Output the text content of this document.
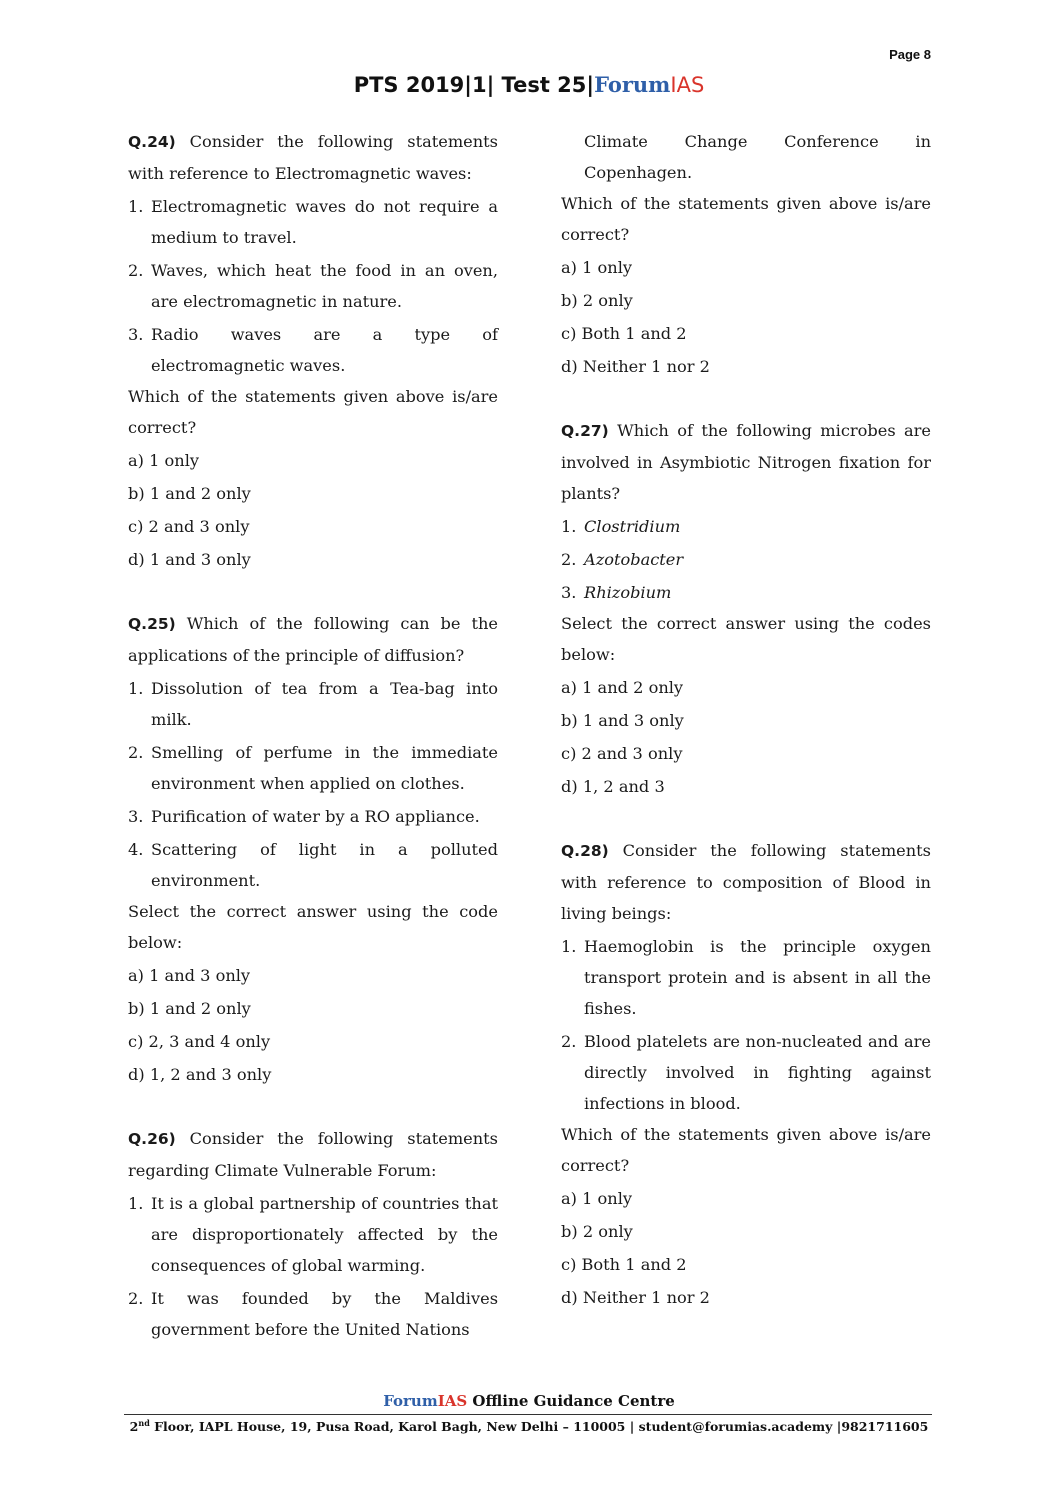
Page 8
PTS 2019|1| Test 25|ForumIAS

Q.24) Consider the following statements with reference to Electromagnetic waves:

1. Electromagnetic waves do not require a medium to travel.
2. Waves, which heat the food in an oven, are electromagnetic in nature.
3. Radio waves are a type of electromagnetic waves.

Which of the statements given above is/are correct?

a) 1 only
b) 1 and 2 only
c) 2 and 3 only
d) 1 and 3 only

Q.25) Which of the following can be the applications of the principle of diffusion?

1. Dissolution of tea from a Tea-bag into milk.
2. Smelling of perfume in the immediate environment when applied on clothes.
3. Purification of water by a RO appliance.
4. Scattering of light in a polluted environment.

Select the correct answer using the code below:

a) 1 and 3 only
b) 1 and 2 only
c) 2, 3 and 4 only
d) 1, 2 and 3 only

Q.26) Consider the following statements regarding Climate Vulnerable Forum:

1. It is a global partnership of countries that are disproportionately affected by the consequences of global warming.
2. It was founded by the Maldives government before the United Nations

Climate Change Conference in Copenhagen.

Which of the statements given above is/are correct?

a) 1 only
b) 2 only
c) Both 1 and 2
d) Neither 1 nor 2

Q.27) Which of the following microbes are involved in Asymbiotic Nitrogen fixation for plants?

1. Clostridium
2. Azotobacter
3. Rhizobium

Select the correct answer using the codes below:

a) 1 and 2 only
b) 1 and 3 only
c) 2 and 3 only
d) 1, 2 and 3

Q.28) Consider the following statements with reference to composition of Blood in living beings:

1. Haemoglobin is the principle oxygen transport protein and is absent in all the fishes.
2. Blood platelets are non-nucleated and are directly involved in fighting against infections in blood.

Which of the statements given above is/are correct?

a) 1 only
b) 2 only
c) Both 1 and 2
d) Neither 1 nor 2
ForumIAS Offline Guidance Centre
2nd Floor, IAPL House, 19, Pusa Road, Karol Bagh, New Delhi – 110005 | student@forumias.academy |9821711605
